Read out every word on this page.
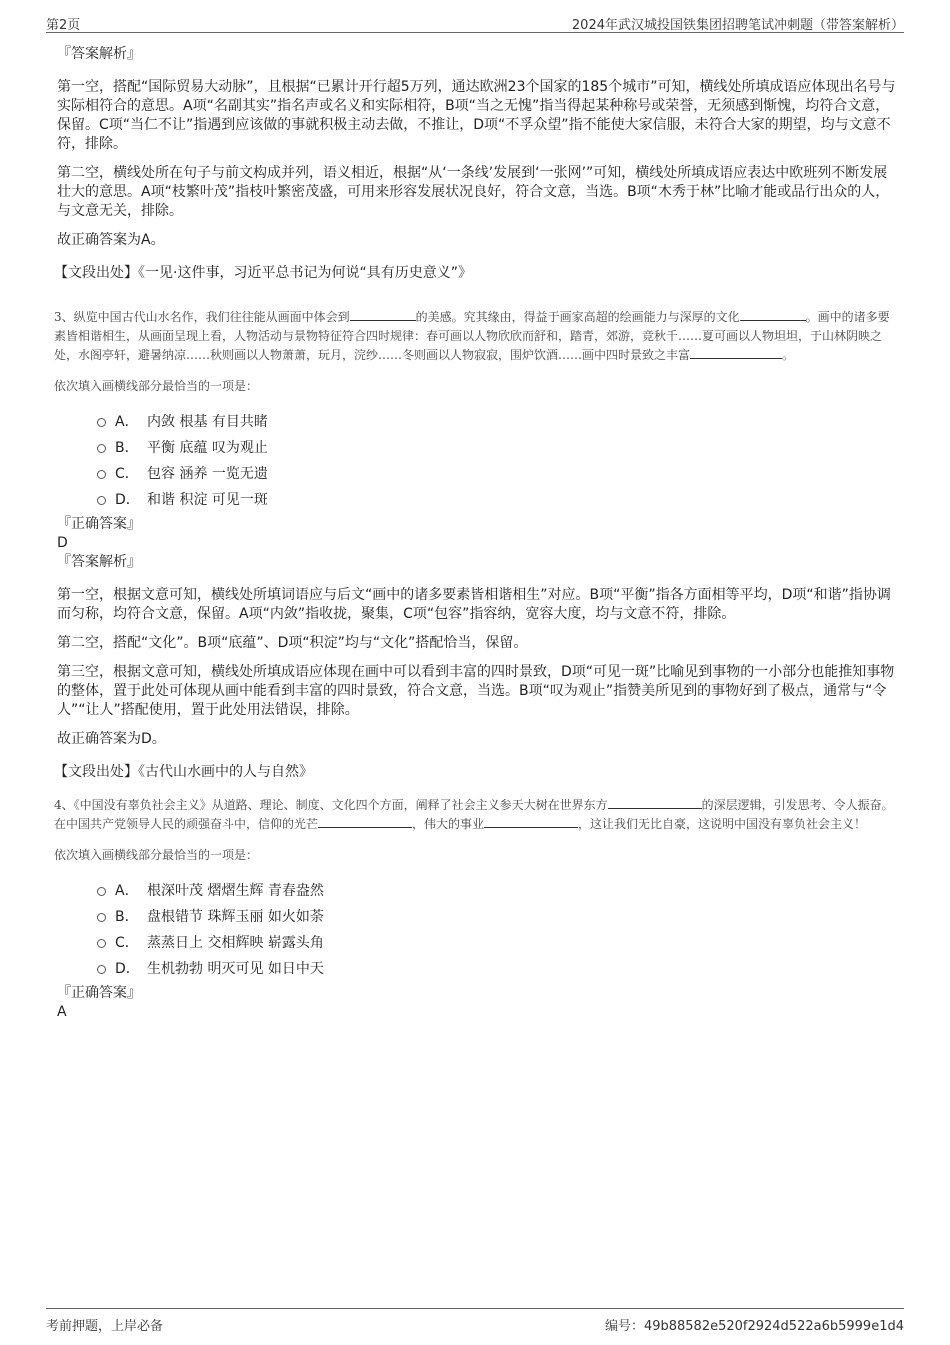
第2页	2024年武汉城投国铁集团招聘笔试冲刺题（带答案解析）
『答案解析』

第一空，搭配“国际贸易大动脉”，且根据“已累计开行超5万列，通达欧洲23个国家的185个城市”可知，横线处所填成语应体现出名号与实际相符合的意思。A项“名副其实”指名声或名义和实际相符，B项“当之无愧”指当得起某种称号或荣誉，无须感到惭愧，均符合文意，保留。C项“当仁不让”指遇到应该做的事就积极主动去做，不推让，D项“不孚众望”指不能使大家信服，未符合大家的期望，均与文意不符，排除。

第二空，横线处所在句子与前文构成并列，语义相近，根据“从‘一条线’发展到‘一张网’”可知，横线处所填成语应表达中欧班列不断发展壮大的意思。A项“枝繁叶茂”指枝叶繁密茂盛，可用来形容发展状况良好，符合文意，当选。B项“木秀于林”比喻才能或品行出众的人，与文意无关，排除。

故正确答案为A。

【文段出处】《一见·这件事，习近平总书记为何说“具有历史意义”》

3、纵览中国古代山水名作，我们往往能从画面中体会到	的美感。究其缘由，得益于画家高超的绘画能力与深厚的文化	。画中的诸多要素皆相谐相生，从画面呈现上看，人物活动与景物特征符合四时规律：春可画以人物欣欣而舒和，踏青，郊游，竞秋千……夏可画以人物坦坦，于山林阴映之处，水阁亭轩，避暑纳凉……秋则画以人物萧萧，玩月，浣纱……冬则画以人物寂寂，围炉饮酒……画中四时景致之丰富	。

依次填入画横线部分最恰当的一项是：

A． 内敛 根基 有目共睹
B． 平衡 底蕴 叹为观止
C． 包容 涵养 一览无遗
D． 和谐 积淀 可见一斑
『正确答案』
D
『答案解析』

第一空，根据文意可知，横线处所填词语应与后文“画中的诸多要素皆相谐相生”对应。B项“平衡”指各方面相等平均，D项“和谐”指协调而匀称，均符合文意，保留。A项“内敛”指收拢，聚集，C项“包容”指容纳，宽容大度，均与文意不符，排除。

第二空，搭配“文化”。B项“底蕴”、D项“积淀”均与“文化”搭配恰当，保留。

第三空，根据文意可知，横线处所填成语应体现在画中可以看到丰富的四时景致，D项“可见一斑”比喻见到事物的一小部分也能推知事物的整体，置于此处可体现从画中能看到丰富的四时景致，符合文意，当选。B项“叹为观止”指赞美所见到的事物好到了极点，通常与“令人”“让人”搭配使用，置于此处用法错误，排除。

故正确答案为D。

【文段出处】《古代山水画中的人与自然》

4、《中国没有辜负社会主义》从道路、理论、制度、文化四个方面，阐释了社会主义参天大树在世界东方	的深层逻辑，引发思考、令人振奋。在中国共产党领导人民的顽强奋斗中，信仰的光芒	，伟大的事业	，这让我们无比自豪，这说明中国没有辜负社会主义！

依次填入画横线部分最恰当的一项是：

A． 根深叶茂 熠熠生辉 青春盎然
B． 盘根错节 珠辉玉丽 如火如荼
C． 蒸蒸日上 交相辉映 崭露头角
D． 生机勃勃 明灭可见 如日中天
『正确答案』
A
考前押题，上岸必备	编号：49b88582e520f2924d522a6b5999e1d4
